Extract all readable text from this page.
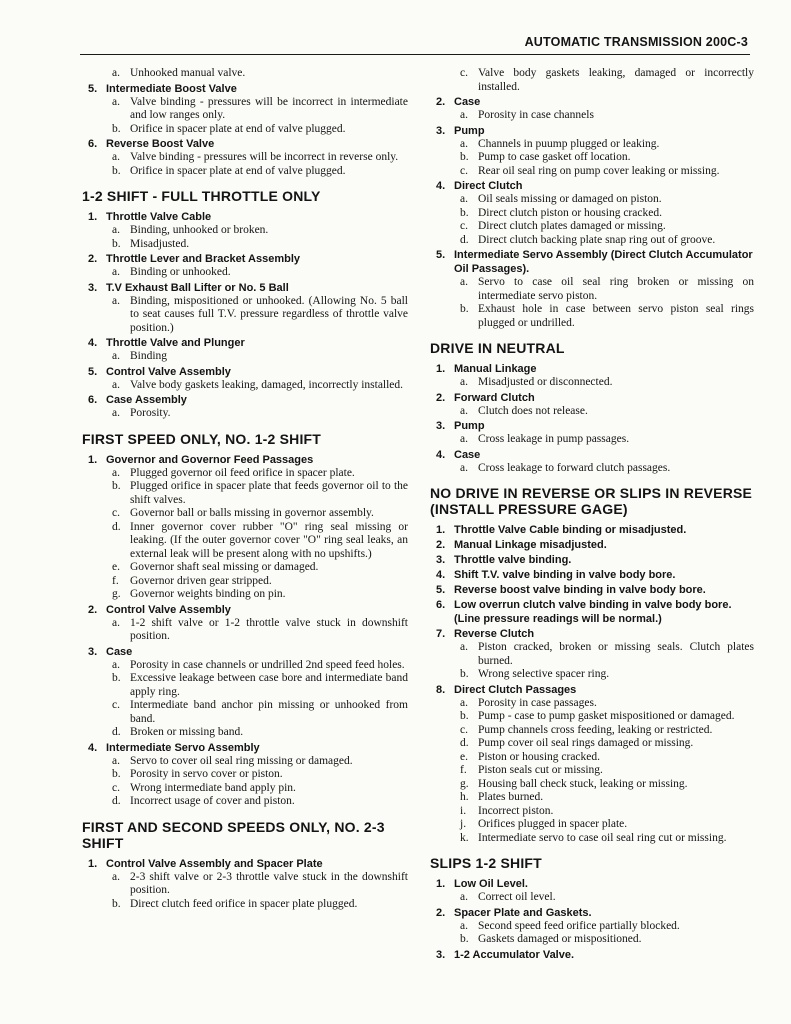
AUTOMATIC TRANSMISSION 200C-3
a. Unhooked manual valve.
5. Intermediate Boost Valve
a. Valve binding - pressures will be incorrect in intermediate and low ranges only.
b. Orifice in spacer plate at end of valve plugged.
6. Reverse Boost Valve
a. Valve binding - pressures will be incorrect in reverse only.
b. Orifice in spacer plate at end of valve plugged.
1-2 SHIFT - FULL THROTTLE ONLY
1. Throttle Valve Cable
a. Binding, unhooked or broken.
b. Misadjusted.
2. Throttle Lever and Bracket Assembly
a. Binding or unhooked.
3. T.V Exhaust Ball Lifter or No. 5 Ball
a. Binding, mispositioned or unhooked. (Allowing No. 5 ball to seat causes full T.V. pressure regardless of throttle valve position.)
4. Throttle Valve and Plunger
a. Binding
5. Control Valve Assembly
a. Valve body gaskets leaking, damaged, incorrectly installed.
6. Case Assembly
a. Porosity.
FIRST SPEED ONLY, NO. 1-2 SHIFT
1. Governor and Governor Feed Passages
a. Plugged governor oil feed orifice in spacer plate.
b. Plugged orifice in spacer plate that feeds governor oil to the shift valves.
c. Governor ball or balls missing in governor assembly.
d. Inner governor cover rubber "O" ring seal missing or leaking. (If the outer governor cover "O" ring seal leaks, an external leak will be present along with no upshifts.)
e. Governor shaft seal missing or damaged.
f. Governor driven gear stripped.
g. Governor weights binding on pin.
2. Control Valve Assembly
a. 1-2 shift valve or 1-2 throttle valve stuck in downshift position.
3. Case
a. Porosity in case channels or undrilled 2nd speed feed holes.
b. Excessive leakage between case bore and intermediate band apply ring.
c. Intermediate band anchor pin missing or unhooked from band.
d. Broken or missing band.
4. Intermediate Servo Assembly
a. Servo to cover oil seal ring missing or damaged.
b. Porosity in servo cover or piston.
c. Wrong intermediate band apply pin.
d. Incorrect usage of cover and piston.
FIRST AND SECOND SPEEDS ONLY, NO. 2-3 SHIFT
1. Control Valve Assembly and Spacer Plate
a. 2-3 shift valve or 2-3 throttle valve stuck in the downshift position.
b. Direct clutch feed orifice in spacer plate plugged.
c. Valve body gaskets leaking, damaged or incorrectly installed.
2. Case
a. Porosity in case channels
3. Pump
a. Channels in puump plugged or leaking.
b. Pump to case gasket off location.
c. Rear oil seal ring on pump cover leaking or missing.
4. Direct Clutch
a. Oil seals missing or damaged on piston.
b. Direct clutch piston or housing cracked.
c. Direct clutch plates damaged or missing.
d. Direct clutch backing plate snap ring out of groove.
5. Intermediate Servo Assembly (Direct Clutch Accumulator Oil Passages).
a. Servo to case oil seal ring broken or missing on intermediate servo piston.
b. Exhaust hole in case between servo piston seal rings plugged or undrilled.
DRIVE IN NEUTRAL
1. Manual Linkage
a. Misadjusted or disconnected.
2. Forward Clutch
a. Clutch does not release.
3. Pump
a. Cross leakage in pump passages.
4. Case
a. Cross leakage to forward clutch passages.
NO DRIVE IN REVERSE OR SLIPS IN REVERSE (INSTALL PRESSURE GAGE)
1. Throttle Valve Cable binding or misadjusted.
2. Manual Linkage misadjusted.
3. Throttle valve binding.
4. Shift T.V. valve binding in valve body bore.
5. Reverse boost valve binding in valve body bore.
6. Low overrun clutch valve binding in valve body bore. (Line pressure readings will be normal.)
7. Reverse Clutch
a. Piston cracked, broken or missing seals. Clutch plates burned.
b. Wrong selective spacer ring.
8. Direct Clutch Passages
a. Porosity in case passages.
b. Pump - case to pump gasket mispositioned or damaged.
c. Pump channels cross feeding, leaking or restricted.
d. Pump cover oil seal rings damaged or missing.
e. Piston or housing cracked.
f. Piston seals cut or missing.
g. Housing ball check stuck, leaking or missing.
h. Plates burned.
i.	Incorrect piston.
j.	Orifices plugged in spacer plate.
k. Intermediate servo to case oil seal ring cut or missing.
SLIPS 1-2 SHIFT
1. Low Oil Level.
a. Correct oil level.
2. Spacer Plate and Gaskets.
a. Second speed feed orifice partially blocked.
b. Gaskets damaged or mispositioned.
3. 1-2 Accumulator Valve.
